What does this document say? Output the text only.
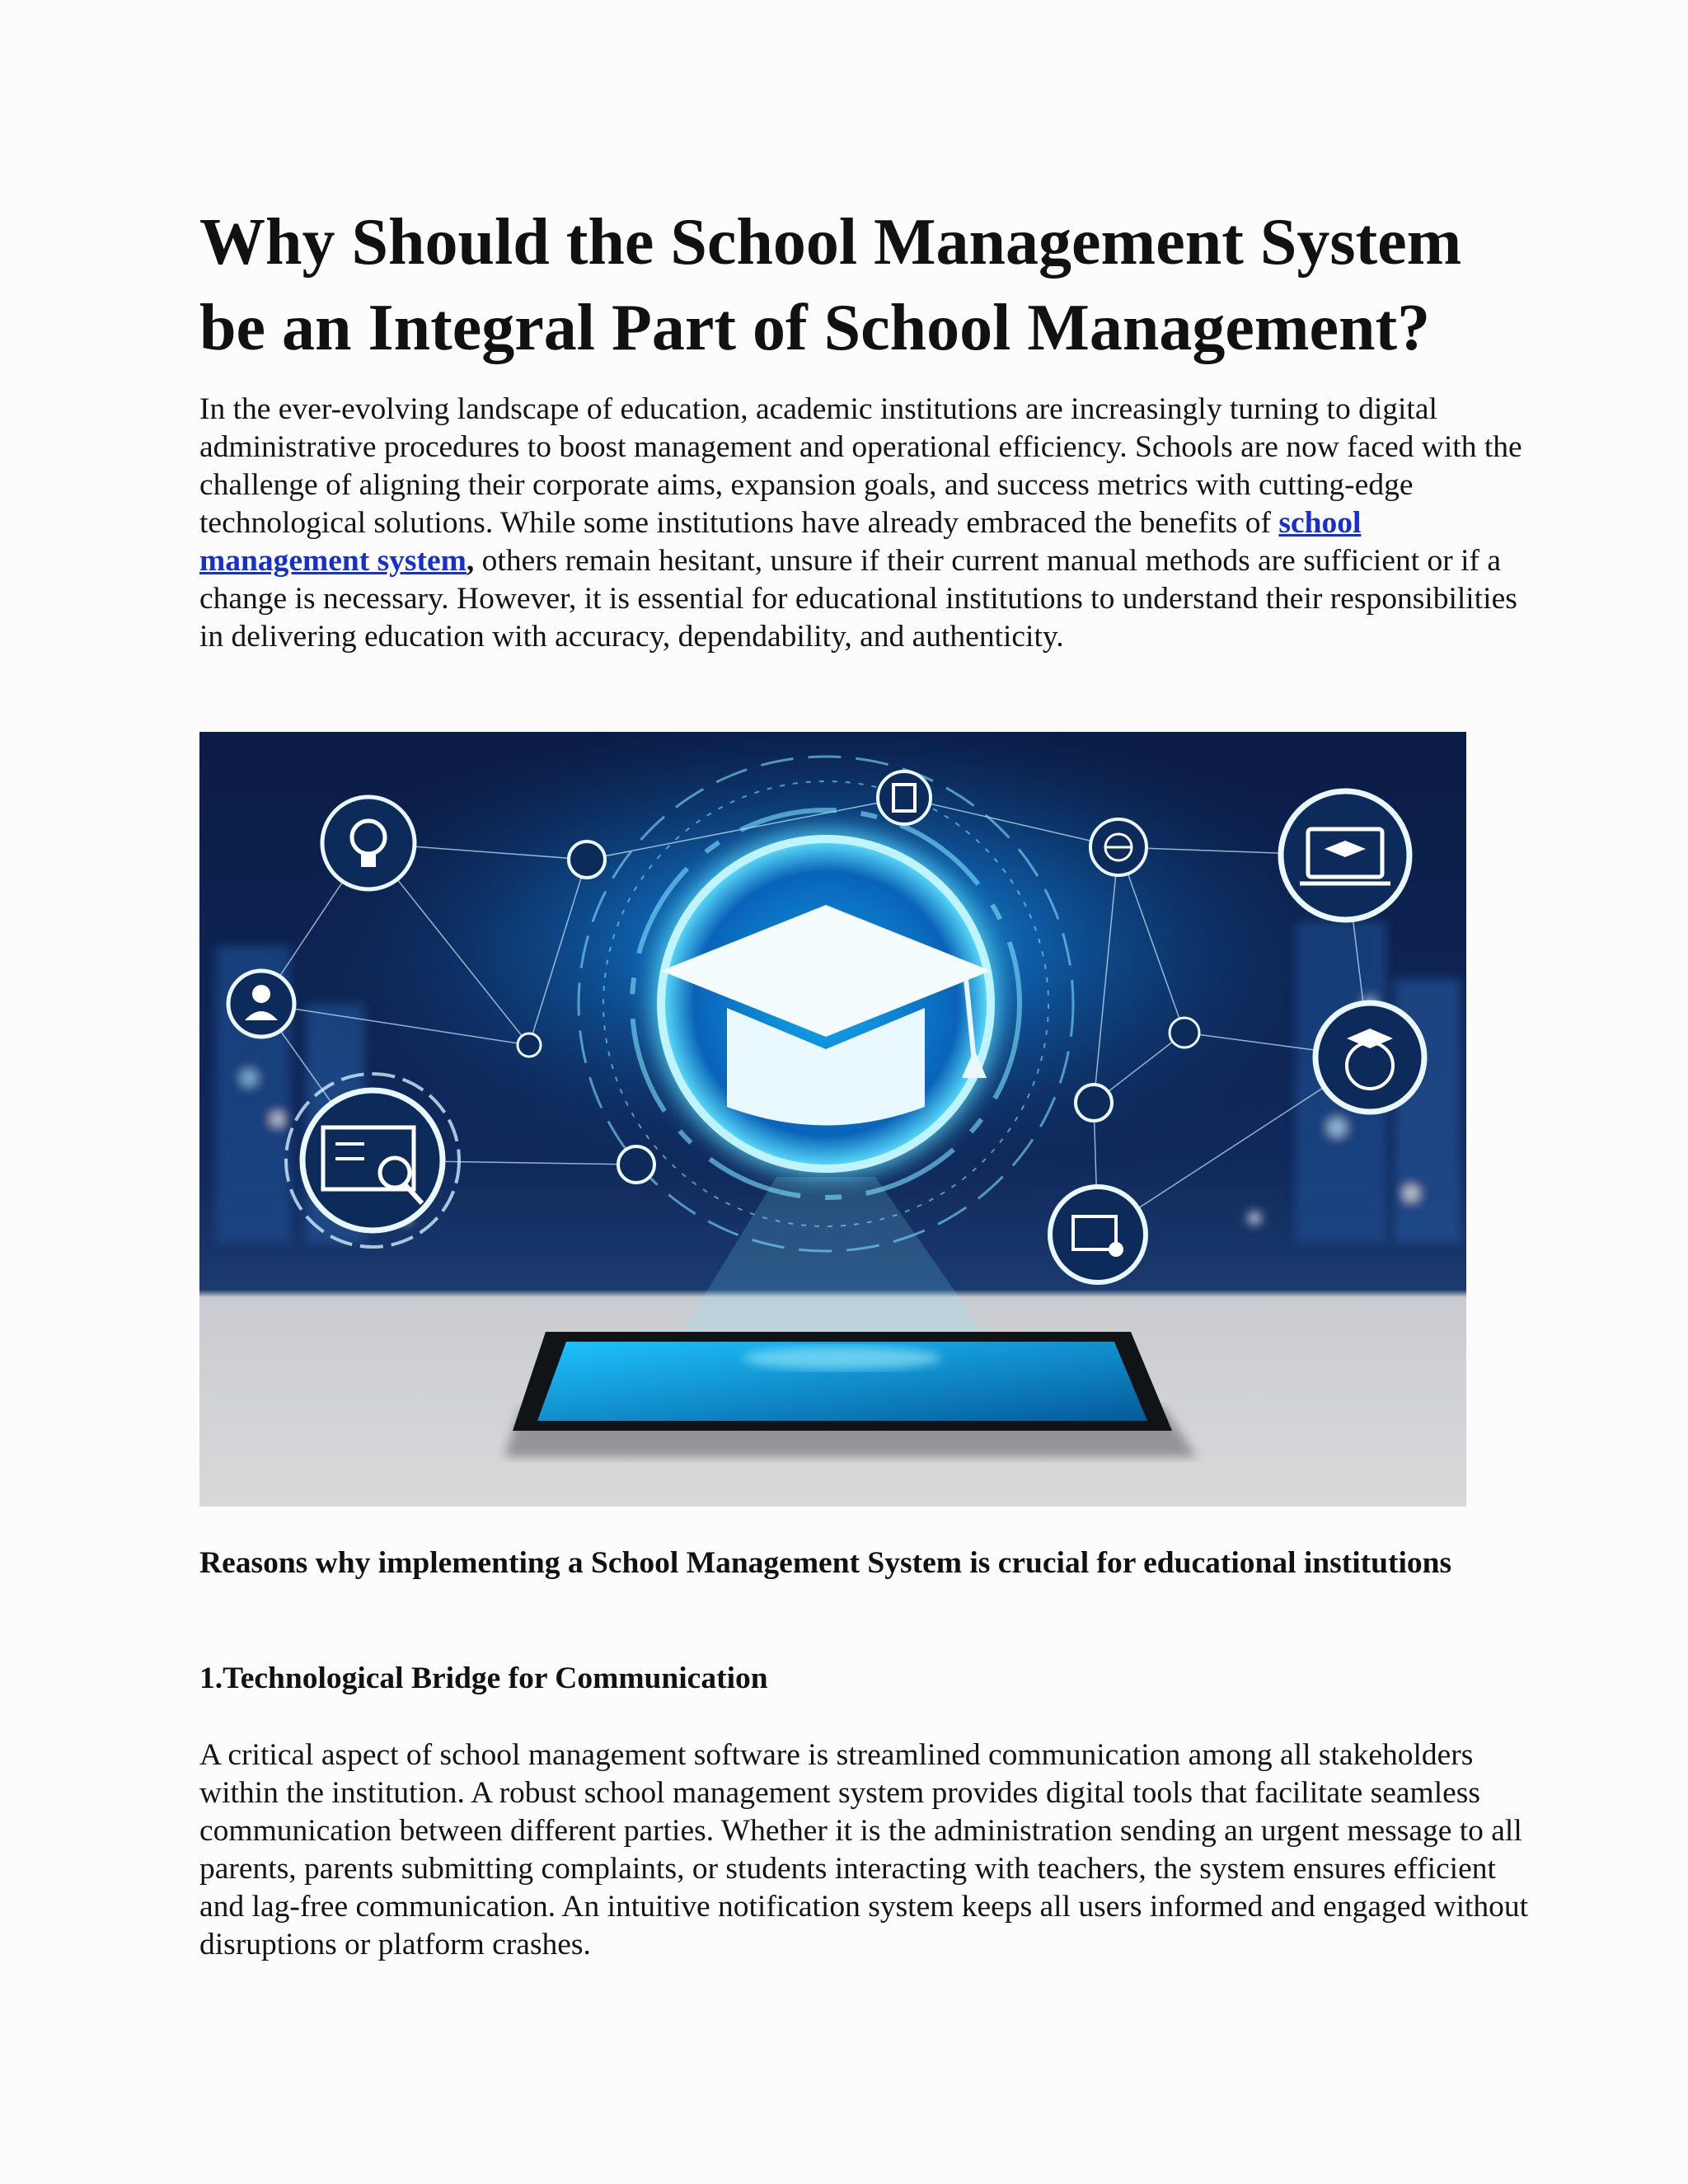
Why Should the School Management System be an Integral Part of School Management?

In the ever-evolving landscape of education, academic institutions are increasingly turning to digital administrative procedures to boost management and operational efficiency. Schools are now faced with the challenge of aligning their corporate aims, expansion goals, and success metrics with cutting-edge technological solutions. While some institutions have already embraced the benefits of school management system, others remain hesitant, unsure if their current manual methods are sufficient or if a change is necessary. However, it is essential for educational institutions to understand their responsibilities in delivering education with accuracy, dependability, and authenticity.

Reasons why implementing a School Management System is crucial for educational institutions

1.Technological Bridge for Communication

A critical aspect of school management software is streamlined communication among all stakeholders within the institution. A robust school management system provides digital tools that facilitate seamless communication between different parties. Whether it is the administration sending an urgent message to all parents, parents submitting complaints, or students interacting with teachers, the system ensures efficient and lag-free communication. An intuitive notification system keeps all users informed and engaged without disruptions or platform crashes.
